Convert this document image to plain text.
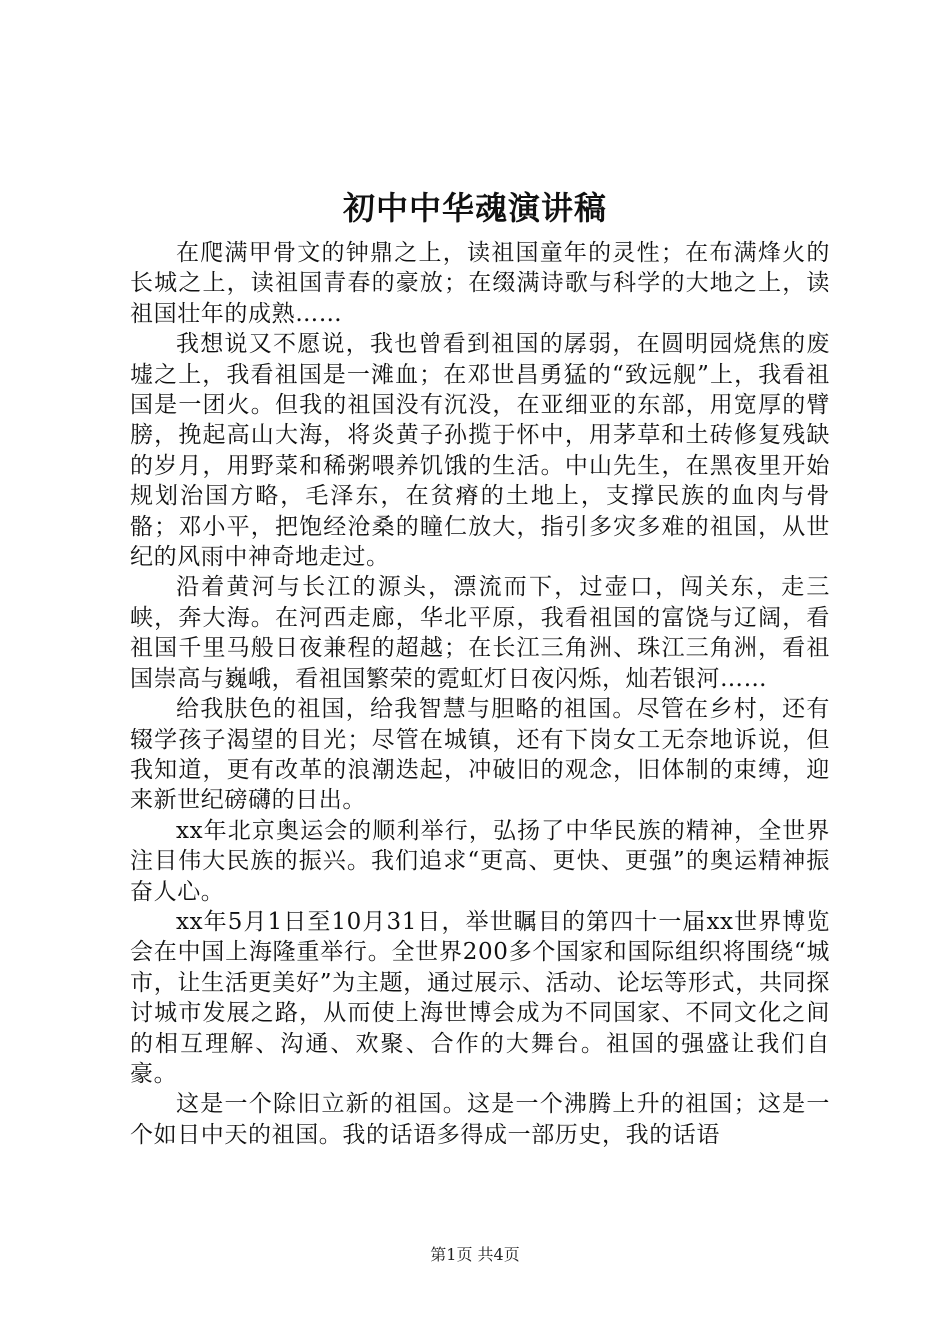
初中中华魂演讲稿

在爬满甲骨文的钟鼎之上，读祖国童年的灵性；在布满烽火的长城之上，读祖国青春的豪放；在缀满诗歌与科学的大地之上，读祖国壮年的成熟……

我想说又不愿说，我也曾看到祖国的孱弱，在圆明园烧焦的废墟之上，我看祖国是一滩血；在邓世昌勇猛的“致远舰”上，我看祖国是一团火。但我的祖国没有沉没，在亚细亚的东部，用宽厚的臂膀，挽起高山大海，将炎黄子孙揽于怀中，用茅草和土砖修复残缺的岁月，用野菜和稀粥喂养饥饿的生活。中山先生，在黑夜里开始规划治国方略，毛泽东，在贫瘠的土地上，支撑民族的血肉与骨骼；邓小平，把饱经沧桑的瞳仁放大，指引多灾多难的祖国，从世纪的风雨中神奇地走过。

沿着黄河与长江的源头，漂流而下，过壶口，闯关东，走三峡，奔大海。在河西走廊，华北平原，我看祖国的富饶与辽阔，看祖国千里马般日夜兼程的超越；在长江三角洲、珠江三角洲，看祖国崇高与巍峨，看祖国繁荣的霓虹灯日夜闪烁，灿若银河……

给我肤色的祖国，给我智慧与胆略的祖国。尽管在乡村，还有辍学孩子渴望的目光；尽管在城镇，还有下岗女工无奈地诉说，但我知道，更有改革的浪潮迭起，冲破旧的观念，旧体制的束缚，迎来新世纪磅礴的日出。

xx年北京奥运会的顺利举行，弘扬了中华民族的精神，全世界注目伟大民族的振兴。我们追求“更高、更快、更强”的奥运精神振奋人心。

xx年5月1日至10月31日，举世瞩目的第四十一届xx世界博览会在中国上海隆重举行。全世界200多个国家和国际组织将围绕“城市，让生活更美好”为主题，通过展示、活动、论坛等形式，共同探讨城市发展之路，从而使上海世博会成为不同国家、不同文化之间的相互理解、沟通、欢聚、合作的大舞台。祖国的强盛让我们自豪。

这是一个除旧立新的祖国。这是一个沸腾上升的祖国；这是一个如日中天的祖国。我的话语多得成一部历史，我的话语

第1页 共4页
